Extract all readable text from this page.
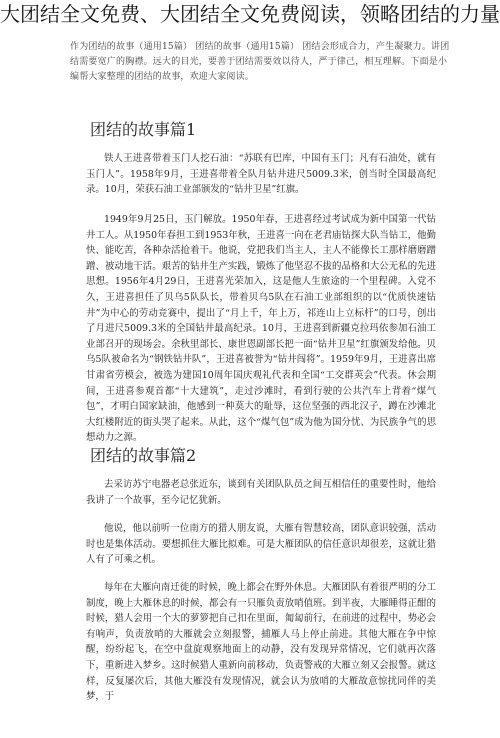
作为团结的故事（通用15篇） 团结的故事（通用15篇） 团结会形成合力，产生凝聚力。讲团结需要宽广的胸襟。远大的目光，要善于团结需要效以待人，严于律己，相互理解。下面是小编帮大家整理的团结的故事，欢迎大家阅读。
团结的故事篇1

铁人王进喜带着玉门人挖石油：“苏联有巴库，中国有玉门；凡有石油处，就有玉门人”。1958年9月，王进喜带着全队月钻井进尺5009.3米，创当时全国最高纪录。10月，荣获石油工业部颁发的“钻井卫星”红旗。

1949年9月25日，玉门解放。1950年春，王进喜经过考试成为新中国第一代钻井工人。从1950年春担工到1953年秋，王进喜一向在老君庙钻探大队当钻工，他勤快、能吃苦，各种杂活抢着干。他说，党把我们当主人，主人不能像长工那样磨磨蹭蹭、被动地干活。艰苦的钻井生产实践，锻炼了他坚忍不拔的品格和大公无私的先进思想。1956年4月29日，王进喜光荣加入，这是他人生旅途的一个里程碑。入党不久，王进喜担任了贝乌5队队长，带着贝乌5队在石油工业部组织的以“优质快速钻井”为中心的劳动竞赛中，提出了“月上千，年上万，祁连山上立标杆”的口号，创出了月进尺5009.3米的全国钻井最高纪录。10月，王进喜到新疆克拉玛依参加石油工业部召开的现场会。余秋里部长、康世恩副部长把一面“钻井卫星”红旗颁发给他。贝乌5队被命名为“钢铁钻井队”，王进喜被誉为“钻井闯将”。1959年9月，王进喜出席甘肃省劳模会，被选为建国10周年国庆观礼代表和全国“工交群英会”代表。休会期间，王进喜参观首都“十大建筑”，走过沙滩时，看到行驶的公共汽车上背着“煤气包”，才明白国家缺油，他感到一种莫大的耻辱，这位坚强的西北汉子，蹲在沙滩北大红楼附近的街头哭了起来。从此，这个“煤气包”成为他为国分忧、为民族争气的思想动力之源。

团结的故事篇2

去采访苏宁电器老总张近东，谈到有关团队队员之间互相信任的重要性时，他给我讲了一个故事，至今记忆犹新。

他说，他以前听一位南方的猎人朋友说，大雁有智慧较高，团队意识较强，活动时也是集体活动。要想抓住大雁比拟难。可是大雁团队的信任意识却很差，这就让猎人有了可乘之机。

每年在大雁向南迁徙的时候，晚上都会在野外休息。大雁团队有着很严明的分工制度，晚上大雁休息的时候，都会有一只雁负责放哨值班。到半夜，大雁睡得正酣的时候，猎人会用一个大的萝箩把自己扣在里面，匍匐前行，在前进的过程中，势必会有响声，负责放哨的大雁就会立刻报警，捕雁人马上停止前进。其他大雁在争中惊醒，纷纷起飞，在空中盘旋观察地面上的动静，没有发现异常情况，它们就再次落下，重新进入梦乡。这时候猎人重新向前移动，负责警戒的大雁立刻又会报警。就这样，反复屡次后，其他大雁没有发现情况，就会认为放哨的大雁故意惊扰同伴的美梦，于

大团结全文免费、大团结全文免费阅读，领略团结的力量
